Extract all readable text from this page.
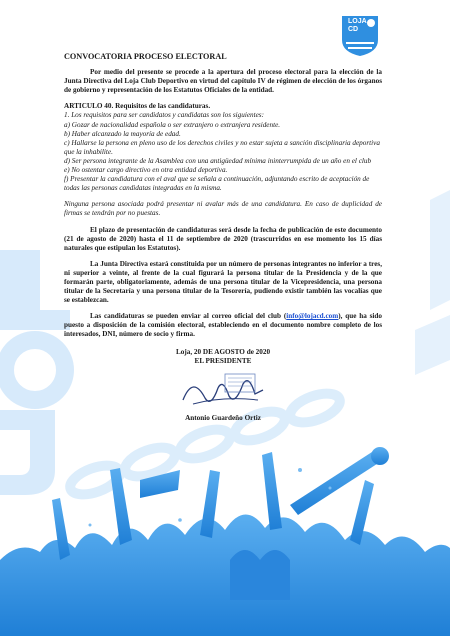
LOJA
CD
CONVOCATORIA PROCESO ELECTORAL

Por medio del presente se procede a la apertura del proceso electoral para la elección de la Junta Directiva del Loja Club Deportivo en virtud del capítulo IV de régimen de elección de los órganos de gobierno y representación de los Estatutos Oficiales de la entidad.

ARTICULO 40. Requisitos de las candidaturas.
1. Los requisitos para ser candidatos y candidatas son los siguientes:
a) Gozar de nacionalidad española o ser extranjero o extranjera residente.
b) Haber alcanzado la mayoría de edad.
c) Hallarse la persona en pleno uso de los derechos civiles y no estar sujeta a sanción disciplinaria deportiva que la inhabilite.
d) Ser persona integrante de la Asamblea con una antigüedad mínima ininterrumpida de un año en el club
e) No ostentar cargo directivo en otra entidad deportiva.
f) Presentar la candidatura con el aval que se señala a continuación, adjuntando escrito de aceptación de todas las personas candidatas integradas en la misma.

Ninguna persona asociada podrá presentar ni avalar más de una candidatura. En caso de duplicidad de firmas se tendrán por no puestas.

El plazo de presentación de candidaturas será desde la fecha de publicación de este documento (21 de agosto de 2020) hasta el 11 de septiembre de 2020 (trascurridos en ese momento los 15 días naturales que estipulan los Estatutos).

La Junta Directiva estará constituida por un número de personas integrantes no inferior a tres, ni superior a veinte, al frente de la cual figurará la persona titular de la Presidencia y de la que formarán parte, obligatoriamente, además de una persona titular de la Vicepresidencia, una persona titular de la Secretaría y una persona titular de la Tesorería, pudiendo existir también las vocalías que se establezcan.

Las candidaturas se pueden enviar al correo oficial del club (info@lojacd.com), que ha sido puesto a disposición de la comisión electoral, estableciendo en el documento nombre completo de los interesados, DNI, número de socio y firma.

Loja, 20 DE AGOSTO de 2020
EL PRESIDENTE
Antonio Guardeño Ortiz
